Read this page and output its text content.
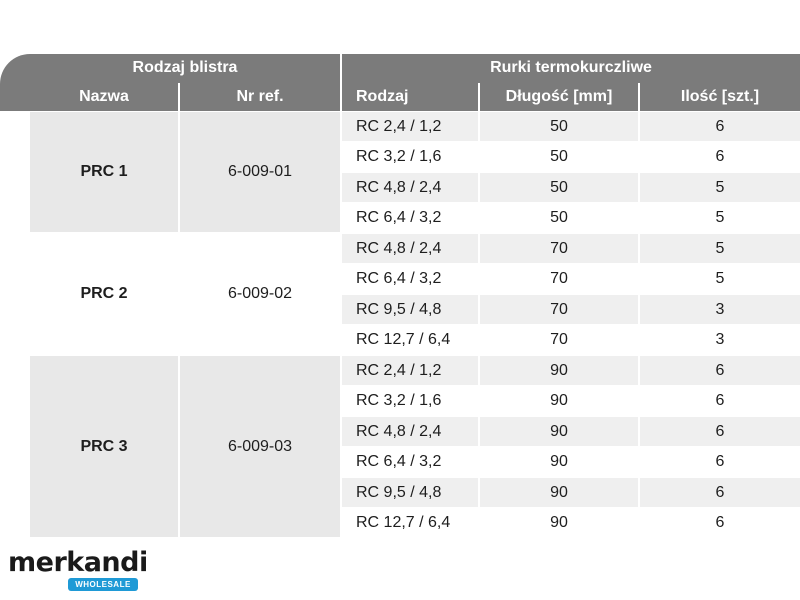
Rodzaj blistra	Rurki termokurczliwe
Nazwa	Nr ref.	Rodzaj	Długość [mm]	Ilość [szt.]
PRC 1	6-009-01
RC 2,4 / 1,2	50	6
RC 3,2 / 1,6	50	6
RC 4,8 / 2,4	50	5
RC 6,4 / 3,2	50	5
PRC 2	6-009-02
RC 4,8 / 2,4	70	5
RC 6,4 / 3,2	70	5
RC 9,5 / 4,8	70	3
RC 12,7 / 6,4	70	3
PRC 3	6-009-03
RC 2,4 / 1,2	90	6
RC 3,2 / 1,6	90	6
RC 4,8 / 2,4	90	6
RC 6,4 / 3,2	90	6
RC 9,5 / 4,8	90	6
RC 12,7 / 6,4	90	6
merkandi
WHOLESALE
